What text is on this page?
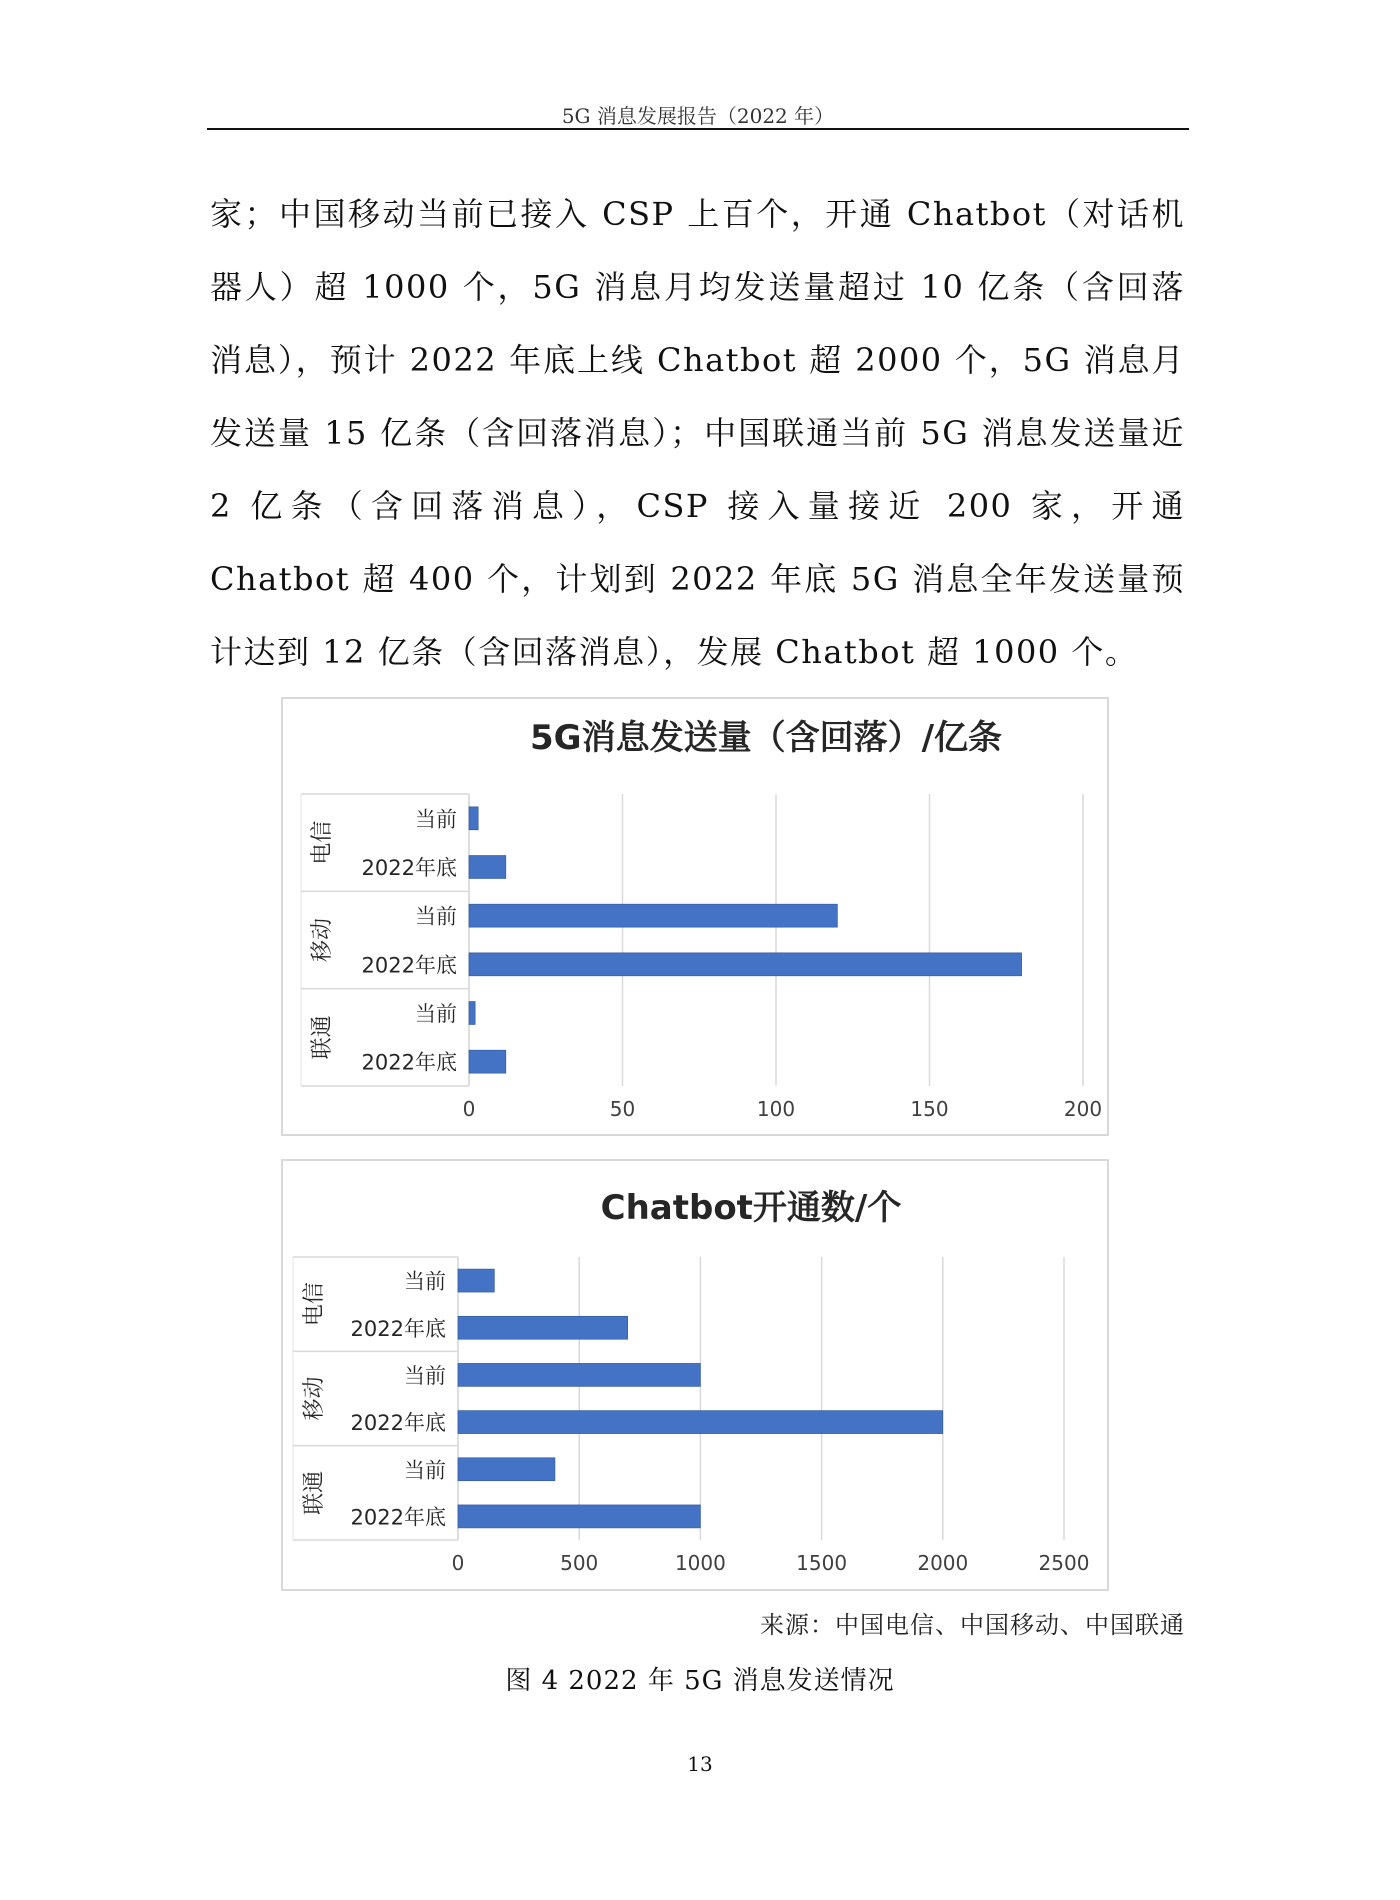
5G 消息发展报告（2022 年）

家；中国移动当前已接入 CSP 上百个，开通 Chatbot（对话机器人）超 1000 个，5G 消息月均发送量超过 10 亿条（含回落消息），预计 2022 年底上线 Chatbot 超 2000 个，5G 消息月发送量 15 亿条（含回落消息）；中国联通当前 5G 消息发送量近 2 亿条（含回落消息），CSP 接入量接近 200 家，开通 Chatbot 超 400 个，计划到 2022 年底 5G 消息全年发送量预计达到 12 亿条（含回落消息），发展 Chatbot 超 1000 个。

5G消息发送量（含回落）/亿条
0	50	100	150	200
电信
当前
2022年底
移动
当前
2022年底
联通
当前
2022年底
Chatbot开通数/个
0	500	1000	1500	2000	2500
电信
当前
2022年底
移动
当前
2022年底
联通
当前
2022年底
来源：中国电信、中国移动、中国联通
图 4 2022 年 5G 消息发送情况
13
